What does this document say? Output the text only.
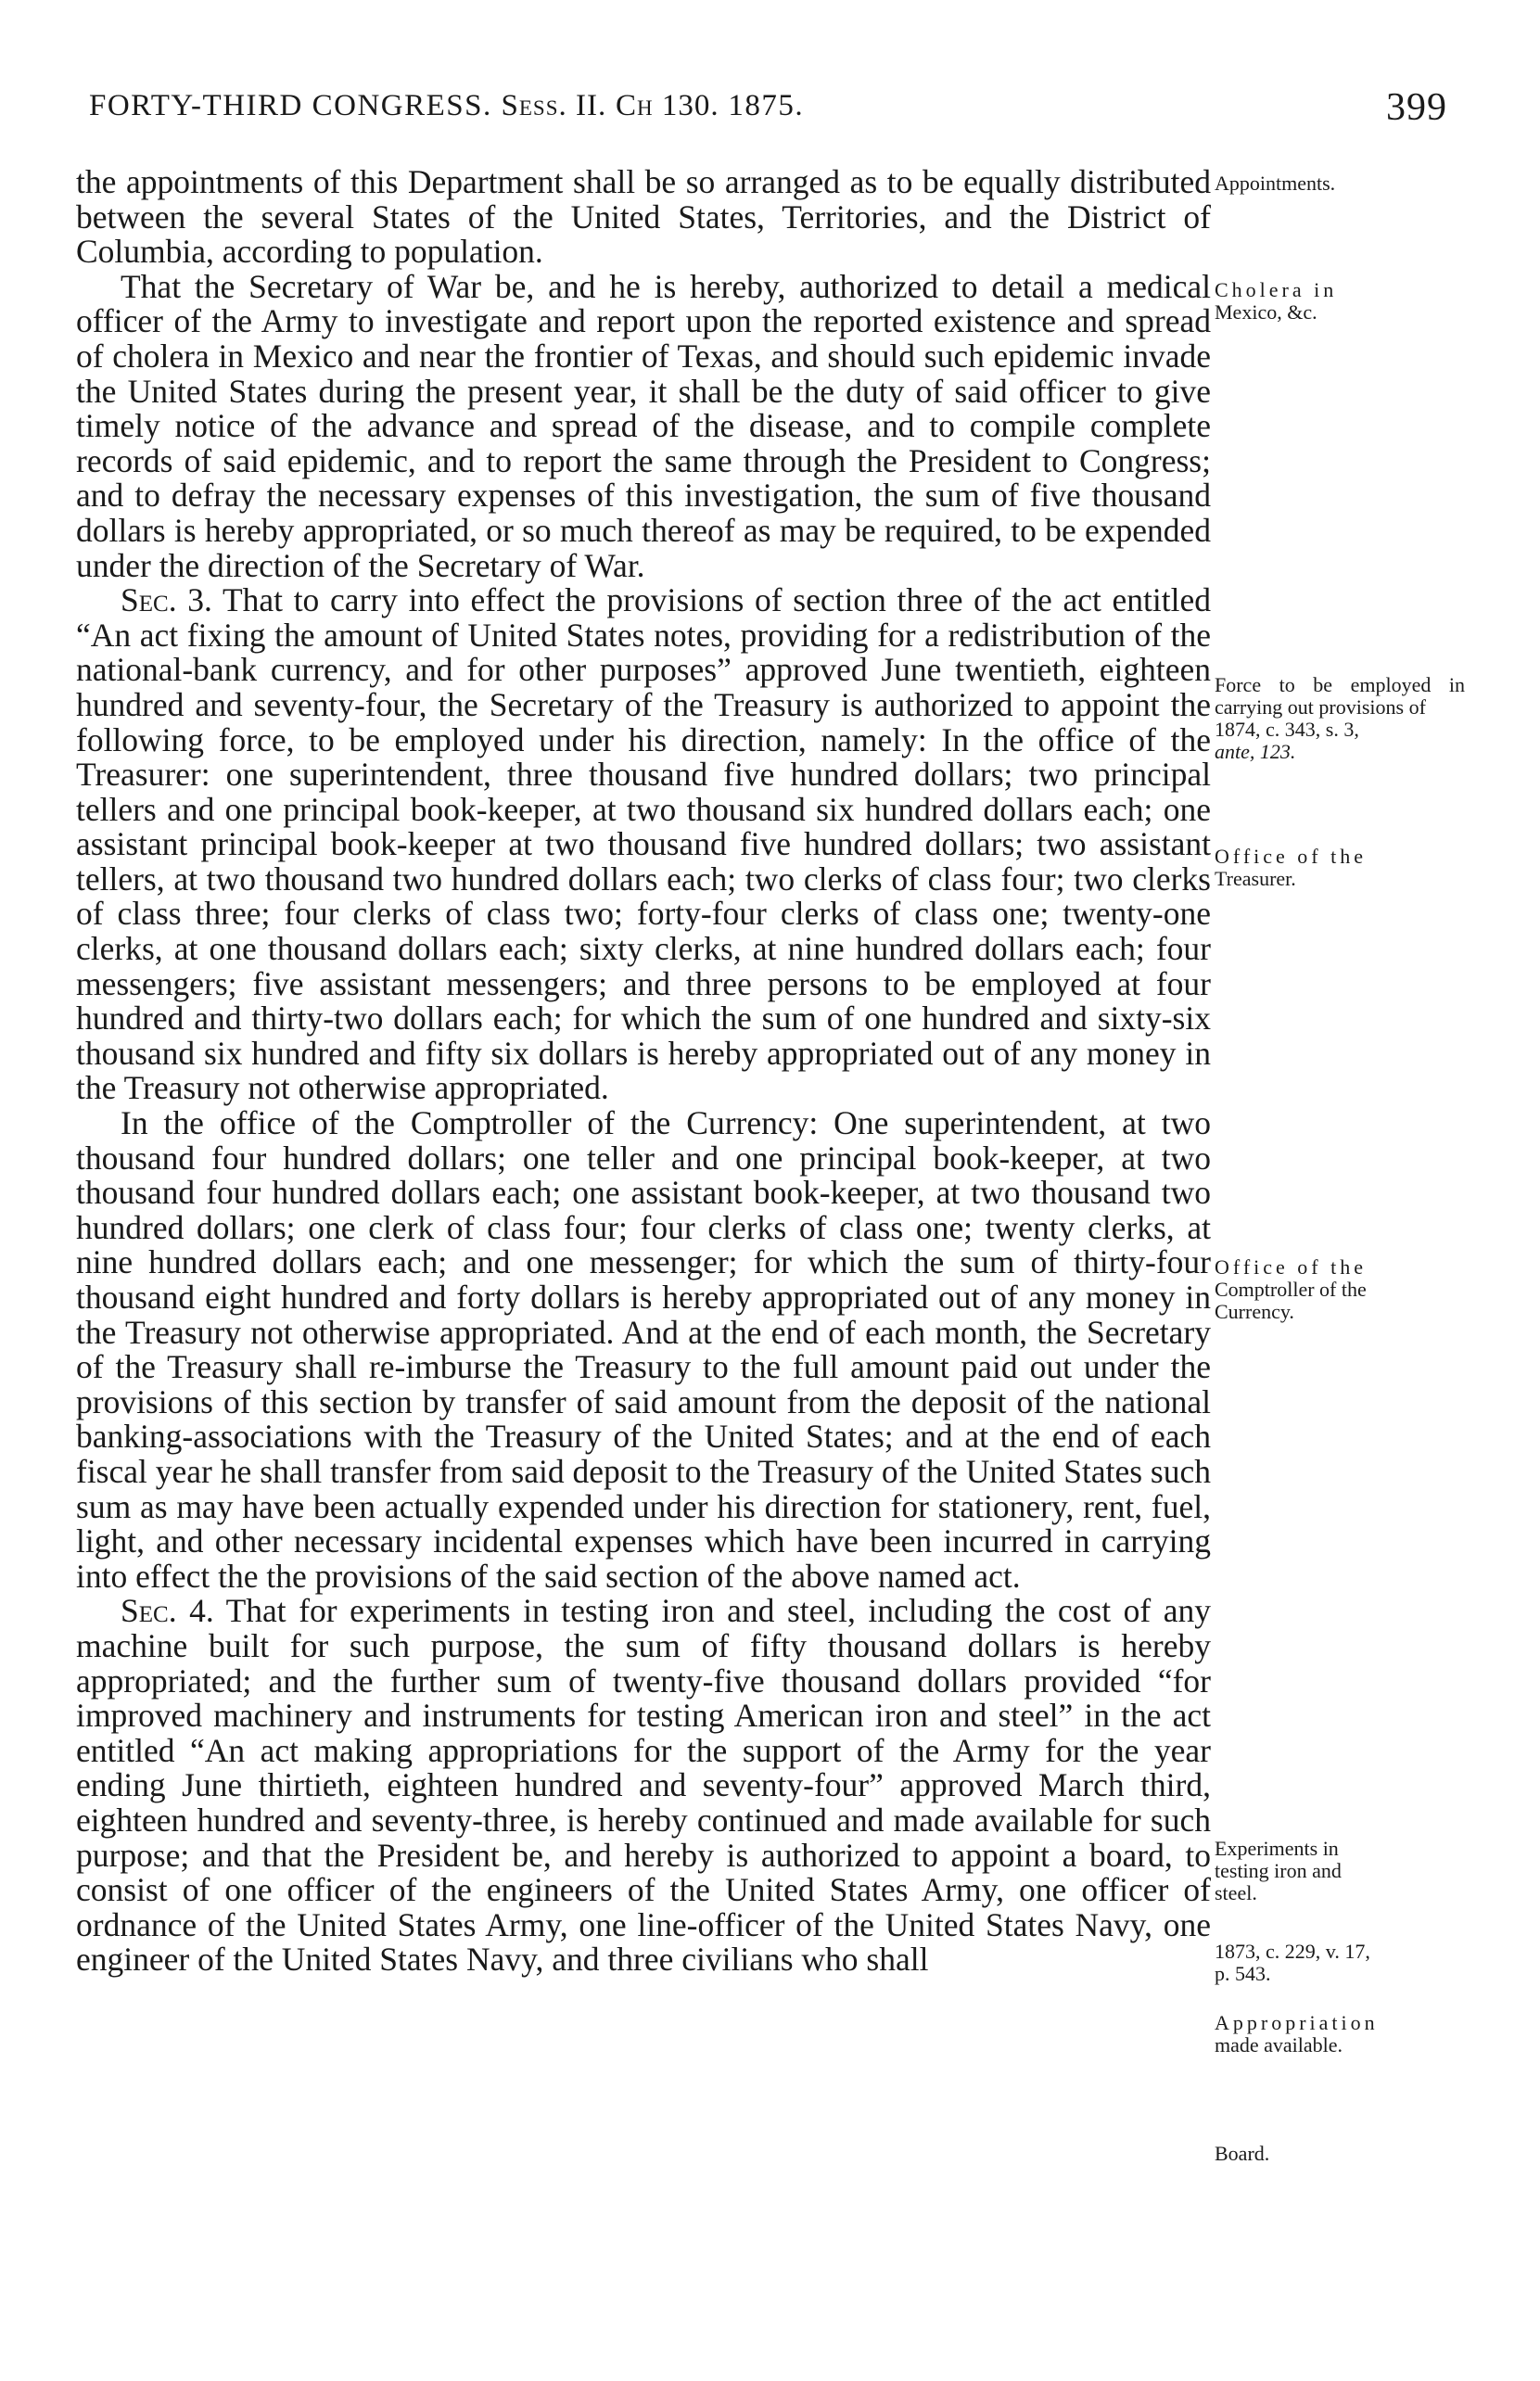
FORTY-THIRD CONGRESS. Sess. II. Ch 130. 1875.	399

the appointments of this Department shall be so arranged as to be equally distributed between the several States of the United States, Territories, and the District of Columbia, according to population.

That the Secretary of War be, and he is hereby, authorized to detail a medical officer of the Army to investigate and report upon the reported existence and spread of cholera in Mexico and near the frontier of Texas, and should such epidemic invade the United States during the present year, it shall be the duty of said officer to give timely notice of the advance and spread of the disease, and to compile complete records of said epidemic, and to report the same through the President to Congress; and to defray the necessary expenses of this investigation, the sum of five thousand dollars is hereby appropriated, or so much thereof as may be required, to be expended under the direction of the Secretary of War.

Sec. 3. That to carry into effect the provisions of section three of the act entitled “An act fixing the amount of United States notes, providing for a redistribution of the national-bank currency, and for other purposes” approved June twentieth, eighteen hundred and seventy-four, the Secretary of the Treasury is authorized to appoint the following force, to be employed under his direction, namely: In the office of the Treasurer: one superintendent, three thousand five hundred dollars; two principal tellers and one principal book-keeper, at two thousand six hundred dollars each; one assistant principal book-keeper at two thousand five hundred dollars; two assistant tellers, at two thousand two hundred dollars each; two clerks of class four; two clerks of class three; four clerks of class two; forty-four clerks of class one; twenty-one clerks, at one thousand dollars each; sixty clerks, at nine hundred dollars each; four messengers; five assistant messengers; and three persons to be employed at four hundred and thirty-two dollars each; for which the sum of one hundred and sixty-six thousand six hundred and fifty six dollars is hereby appropriated out of any money in the Treasury not otherwise appropriated.

In the office of the Comptroller of the Currency: One superintendent, at two thousand four hundred dollars; one teller and one principal book-keeper, at two thousand four hundred dollars each; one assistant book-keeper, at two thousand two hundred dollars; one clerk of class four; four clerks of class one; twenty clerks, at nine hundred dollars each; and one messenger; for which the sum of thirty-four thousand eight hundred and forty dollars is hereby appropriated out of any money in the Treasury not otherwise appropriated. And at the end of each month, the Secretary of the Treasury shall re-imburse the Treasury to the full amount paid out under the provisions of this section by transfer of said amount from the deposit of the national banking-associations with the Treasury of the United States; and at the end of each fiscal year he shall transfer from said deposit to the Treasury of the United States such sum as may have been actually expended under his direction for stationery, rent, fuel, light, and other necessary incidental expenses which have been incurred in carrying into effect the the provisions of the said section of the above named act.

Sec. 4. That for experiments in testing iron and steel, including the cost of any machine built for such purpose, the sum of fifty thousand dollars is hereby appropriated; and the further sum of twenty-five thousand dollars provided “for improved machinery and instruments for testing American iron and steel” in the act entitled “An act making appropriations for the support of the Army for the year ending June thirtieth, eighteen hundred and seventy-four” approved March third, eighteen hundred and seventy-three, is hereby continued and made available for such purpose; and that the President be, and hereby is authorized to appoint a board, to consist of one officer of the engineers of the United States Army, one officer of ordnance of the United States Army, one line-officer of the United States Navy, one engineer of the United States Navy, and three civilians who shall

Appointments.
Cholera in
Mexico, &c.
Force to be employed in carrying out provisions of
1874, c. 343, s. 3,
ante, 123.
Office of the
Treasurer.
Office of the
Comptroller of the
Currency.
Experiments in
testing iron and
steel.
1873, c. 229, v. 17,
p. 543.
Appropriation
made available.
Board.
